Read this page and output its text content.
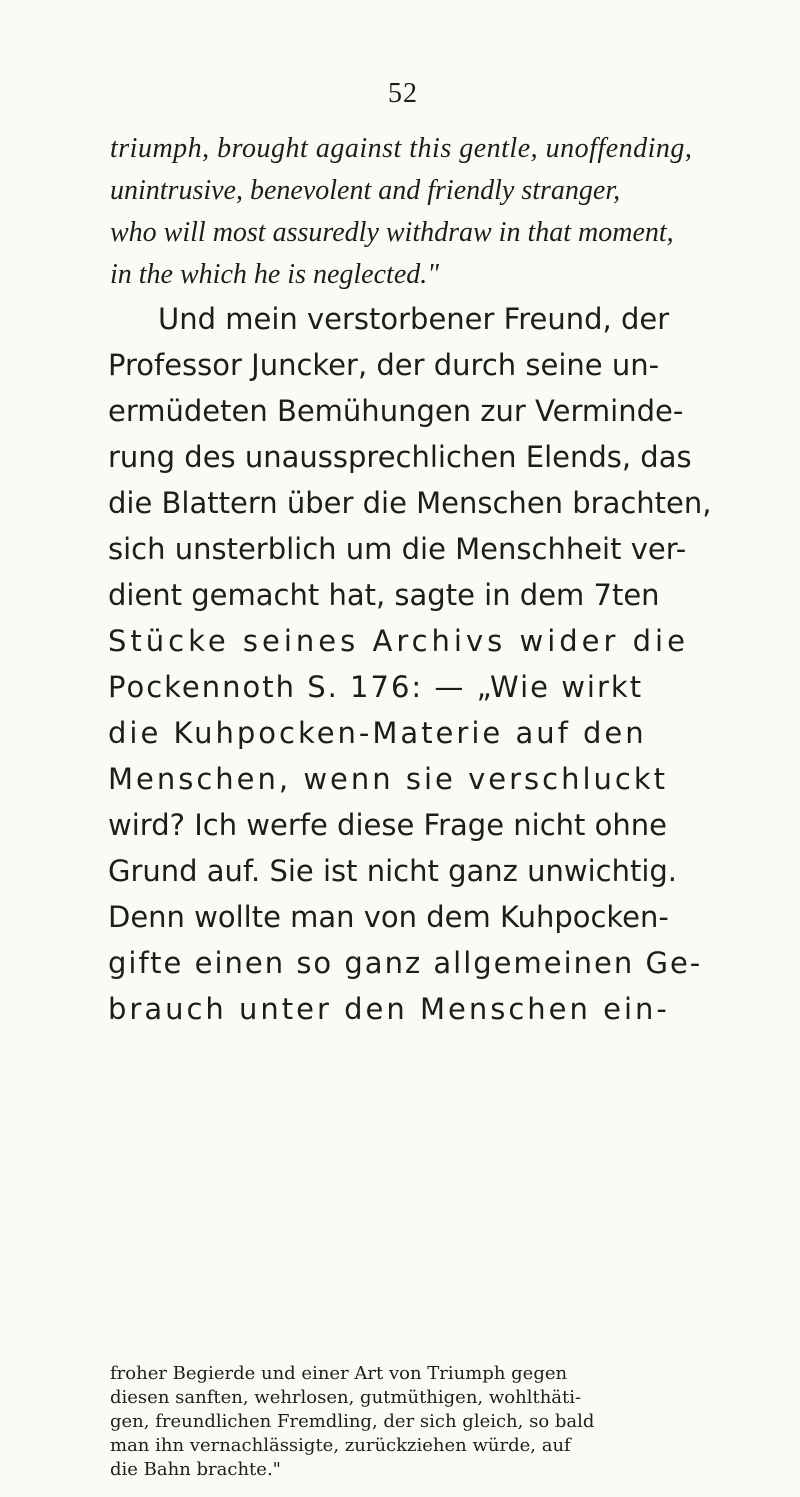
52
triumph, brought against this gentle, unoffending,
unintrusive, benevolent and friendly stranger,
who will most assuredly withdraw in that moment,
in the which he is neglected."
Und mein verstorbener Freund, der
Professor Juncker, der durch seine un-
ermüdeten Bemühungen zur Verminde-
rung des unaussprechlichen Elends, das
die Blattern über die Menschen brachten,
sich unsterblich um die Menschheit ver-
dient gemacht hat, sagte in dem 7ten
Stücke seines Archivs wider die
Pockennoth S. 176: — „Wie wirkt
die Kuhpocken-Materie auf den
Menschen, wenn sie verschluckt
wird? Ich werfe diese Frage nicht ohne
Grund auf. Sie ist nicht ganz unwichtig.
Denn wollte man von dem Kuhpocken-
gifte einen so ganz allgemeinen Ge-
brauch unter den Menschen ein-
froher Begierde und einer Art von Triumph gegen
diesen sanften, wehrlosen, gutmüthigen, wohlthäti-
gen, freundlichen Fremdling, der sich gleich, so bald
man ihn vernachlässigte, zurückziehen würde, auf
die Bahn brachte."
